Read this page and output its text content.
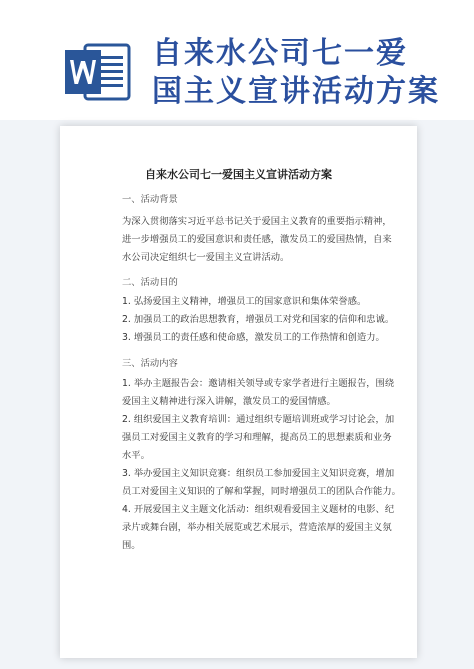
自来水公司七一爱
国主义宣讲活动方案
自来水公司七一爱国主义宣讲活动方案
一、活动背景
为深入贯彻落实习近平总书记关于爱国主义教育的重要指示精神，
进一步增强员工的爱国意识和责任感，激发员工的爱国热情，自来
水公司决定组织七一爱国主义宣讲活动。
二、活动目的
1. 弘扬爱国主义精神，增强员工的国家意识和集体荣誉感。
2. 加强员工的政治思想教育，增强员工对党和国家的信仰和忠诚。
3. 增强员工的责任感和使命感，激发员工的工作热情和创造力。
三、活动内容
1. 举办主题报告会：邀请相关领导或专家学者进行主题报告，围绕
爱国主义精神进行深入讲解，激发员工的爱国情感。
2. 组织爱国主义教育培训：通过组织专题培训班或学习讨论会，加
强员工对爱国主义教育的学习和理解，提高员工的思想素质和业务
水平。
3. 举办爱国主义知识竞赛：组织员工参加爱国主义知识竞赛，增加
员工对爱国主义知识的了解和掌握，同时增强员工的团队合作能力。
4. 开展爱国主义主题文化活动：组织观看爱国主义题材的电影、纪
录片或舞台剧，举办相关展览或艺术展示，营造浓厚的爱国主义氛
围。
